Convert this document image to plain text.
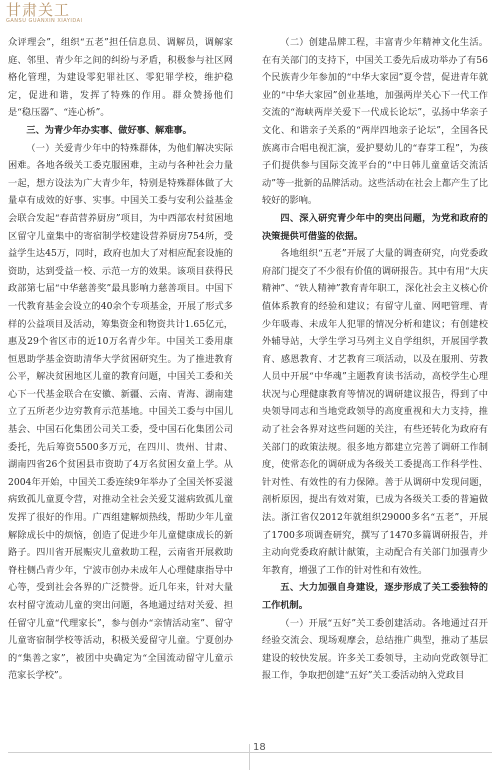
甘肃关工
GANSU GUANXIN XIAYIDAI

众评理会”，组织“五老”担任信息员、调解员，调解家庭、邻里、青少年之间的纠纷与矛盾，积极参与社区网格化管理，为建设零犯罪社区、零犯罪学校，维护稳定，促进和谐，发挥了特殊的作用。群众赞扬他们是“稳压器”、“连心桥”。

三、为青少年办实事、做好事、解难事。

（一）关爱青少年中的特殊群体，为他们解决实际困难。各地各级关工委克服困难，主动与各种社会力量一起，想方设法为广大青少年，特别是特殊群体做了大量卓有成效的好事、实事。中国关工委与安利公益基金会联合发起“春苗营养厨房”项目，为中西部农村贫困地区留守儿童集中的寄宿制学校建设营养厨房754所，受益学生达45万，同时，政府也加大了对相应配套设施的资助，达到受益一校、示范一方的效果。该项目获得民政部第七届“中华慈善奖”最具影响力慈善项目。中国下一代教育基金会设立的40余个专项基金，开展了形式多样的公益项目及活动，筹集资金和物资共计1.65亿元，惠及29个省区市的近10万名青少年。中国关工委用康恒恩助学基金资助清华大学贫困研究生。为了推进教育公平，解决贫困地区儿童的教育问题，中国关工委和关心下一代基金联合在安徽、新疆、云南、青海、湖南建立了五所老少边穷教育示范基地。中国关工委与中国儿基会、中国石化集团公司关工委，受中国石化集团公司委托，先后筹资5500多万元，在四川、贵州、甘肃、湖南四省26个贫困县市资助了4万名贫困女童上学。从2004年开始，中国关工委连续9年举办了全国关怀妥滋病致孤儿童夏令营，对推动全社会关爱艾滋病致孤儿童发挥了很好的作用。广西组建解烦热线，帮助少年儿童解除成长中的烦恼，创造了促进少年儿童健康成长的新路子。四川省开展赈灾儿童救助工程，云南省开展救助脊柱侧凸青少年，宁波市创办未成年人心理健康指导中心等，受到社会各界的广泛赞誉。近几年来，针对大量农村留守流动儿童的突出问题，各地通过结对关爱、担任留守儿童“代理家长”，参与创办“亲情活动室”、留守儿童寄宿制学校等活动，积极关爱留守儿童。宁夏创办的“集善之家”，被团中央确定为“全国流动留守儿童示范家长学校”。

（二）创建品牌工程，丰富青少年精神文化生活。在有关部门的支持下，中国关工委先后成功举办了有56个民族青少年参加的“中华大家园”夏令营，促进青年就业的“中华大家园”创业基地，加强两岸关心下一代工作交流的“海峡两岸关爱下一代成长论坛”，弘扬中华亲子文化、和谐亲子关系的“两岸四地亲子论坛”，全国各民族离市合唱电视汇演，爱护婴幼儿的“春芽工程”，为孩子们提供参与国际交流平台的“中日韩儿童童话交流活动”等一批新的品牌活动。这些活动在社会上都产生了比较好的影响。

四、深入研究青少年中的突出问题，为党和政府的决策提供可借鉴的依据。

各地组织“五老”开展了大量的调查研究，向党委政府部门提交了不少很有价值的调研报告。其中有用“大庆精神”、“铁人精神”教育青年职工，深化社会主义核心价值体系教育的经验和建议；有留守儿童、网吧管理、青少年吸毒、未成年人犯罪的情况分析和建议；有创建校外辅导站，大学生学习马列主义自学组织，开展国学教育、感恩教育、才艺教育三项活动，以及在服刑、劳教人员中开展“中华魂”主题教育读书活动，高校学生心理状况与心理健康教育等情况的调研建议报告，得到了中央领导同志和当地党政领导的高度重视和大力支持，推动了社会各界对这些问题的关注，有些还转化为政府有关部门的政策法规。很多地方都建立完善了调研工作制度，使常态化的调研成为各级关工委提高工作科学性、针对性、有效性的有力保障。善于从调研中发现问题，剖析原因，提出有效对策，已成为各级关工委的普遍做法。浙江省仅2012年就组织29000多名“五老”，开展了1700多项调查研究，撰写了1470多篇调研报告，并主动向党委政府献计献策，主动配合有关部门加强青少年教育，增强了工作的针对性和有效性。

五、大力加强自身建设，逐步形成了关工委独特的工作机制。

（一）开展“五好”关工委创建活动。各地通过召开经验交流会、现场观摩会，总结推广典型，推动了基层建设的较快发展。许多关工委领导，主动向党政领导汇报工作，争取把创建“五好”关工委活动纳入党政目

18
